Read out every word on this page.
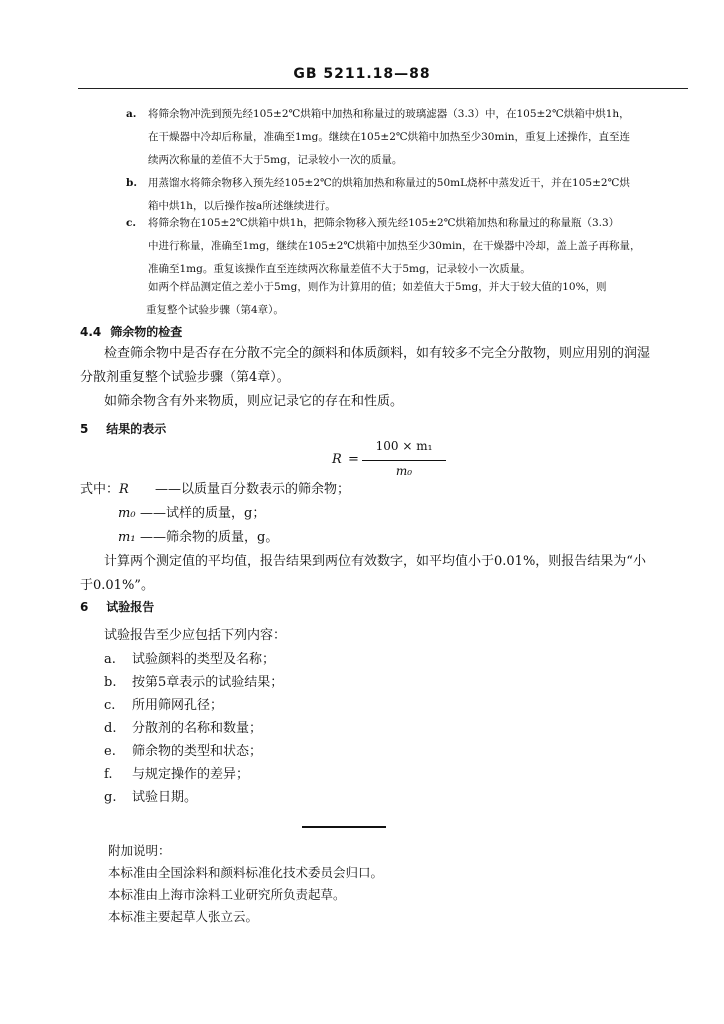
GB 5211.18—88
a.	将筛余物冲洗到预先经105±2℃烘箱中加热和称量过的玻璃滤器（3.3）中，在105±2℃烘箱中烘1h，
在干燥器中冷却后称量，准确至1mg。继续在105±2℃烘箱中加热至少30min，重复上述操作，直至连
续两次称量的差值不大于5mg，记录较小一次的质量。
b.	用蒸馏水将筛余物移入预先经105±2℃的烘箱加热和称量过的50mL烧杯中蒸发近干，并在105±2℃烘
箱中烘1h，以后操作按a所述继续进行。
c.	将筛余物在105±2℃烘箱中烘1h，把筛余物移入预先经105±2℃烘箱加热和称量过的称量瓶（3.3）
中进行称量，准确至1mg，继续在105±2℃烘箱中加热至少30min，在干燥器中冷却，盖上盖子再称量，
准确至1mg。重复该操作直至连续两次称量差值不大于5mg，记录较小一次质量。
如两个样品测定值之差小于5mg，则作为计算用的值；如差值大于5mg，并大于较大值的10%，则
重复整个试验步骤（第4章）。
4.4 筛余物的检查
检查筛余物中是否存在分散不完全的颜料和体质颜料，如有较多不完全分散物，则应用别的润湿
分散剂重复整个试验步骤（第4章）。
如筛余物含有外来物质，则应记录它的存在和性质。
5 结果的表示
R =
100 × m₁
m₀
式中：R ——以质量百分数表示的筛余物；
m₀ ——试样的质量，g；
m₁ ——筛余物的质量，g。
计算两个测定值的平均值，报告结果到两位有效数字，如平均值小于0.01%，则报告结果为“小
于0.01%”。
6 试验报告
试验报告至少应包括下列内容：
a.	试验颜料的类型及名称；
b.	按第5章表示的试验结果；
c.	所用筛网孔径；
d.	分散剂的名称和数量；
e.	筛余物的类型和状态；
f.	与规定操作的差异；
g.	试验日期。
附加说明：
本标准由全国涂料和颜料标准化技术委员会归口。
本标准由上海市涂料工业研究所负责起草。
本标准主要起草人张立云。
